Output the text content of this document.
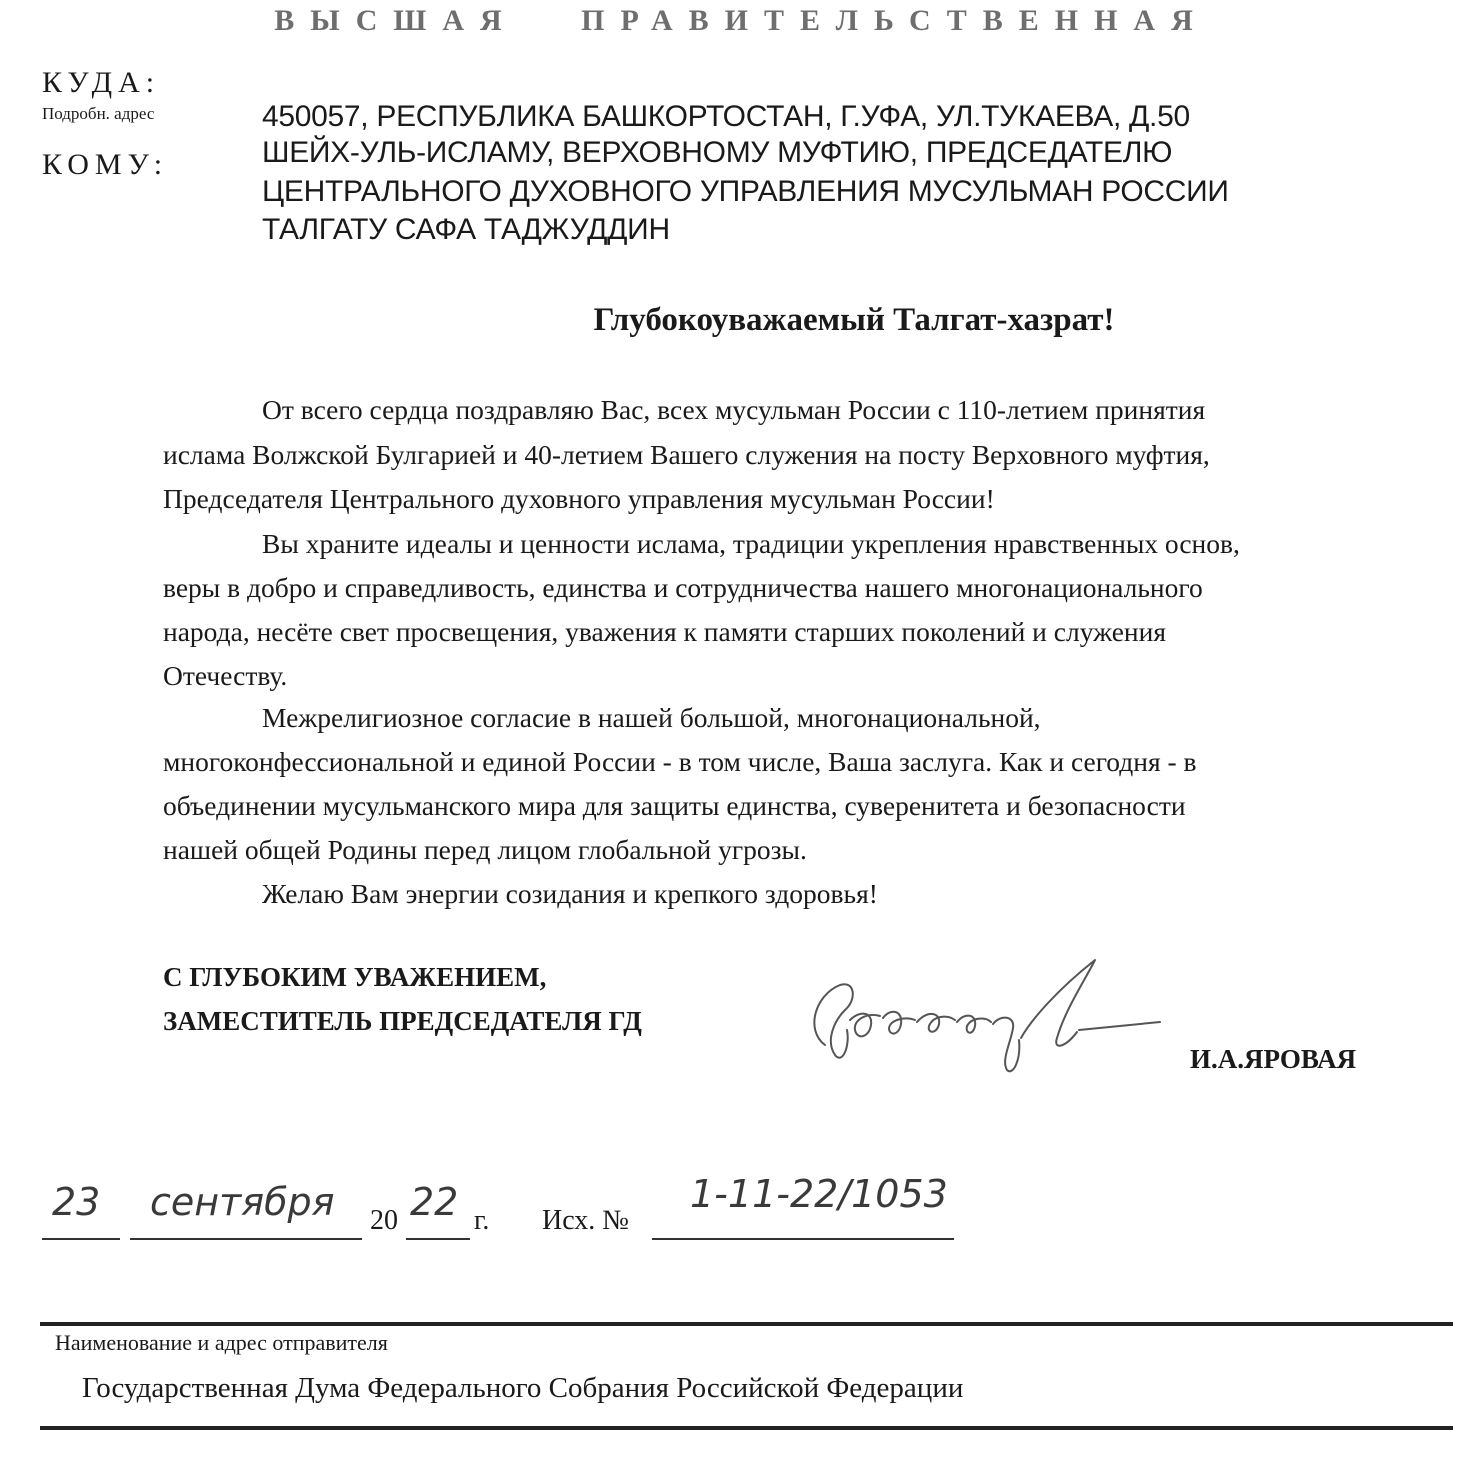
ВЫСШАЯ ПРАВИТЕЛЬСТВЕННАЯ
КУДА:
Подробн. адрес
КОМУ:
450057, РЕСПУБЛИКА БАШКОРТОСТАН, Г.УФА, УЛ.ТУКАЕВА, Д.50
ШЕЙХ-УЛЬ-ИСЛАМУ, ВЕРХОВНОМУ МУФТИЮ, ПРЕДСЕДАТЕЛЮ
ЦЕНТРАЛЬНОГО ДУХОВНОГО УПРАВЛЕНИЯ МУСУЛЬМАН РОССИИ
ТАЛГАТУ САФА ТАДЖУДДИН
Глубокоуважаемый Талгат-хазрат!
От всего сердца поздравляю Вас, всех мусульман России с 110-летием принятия
ислама Волжской Булгарией и 40-летием Вашего служения на посту Верховного муфтия,
Председателя Центрального духовного управления мусульман России!
Вы храните идеалы и ценности ислама, традиции укрепления нравственных основ,
веры в добро и справедливость, единства и сотрудничества нашего многонационального
народа, несёте свет просвещения, уважения к памяти старших поколений и служения
Отечеству.
Межрелигиозное согласие в нашей большой, многонациональной,
многоконфессиональной и единой России - в том числе, Ваша заслуга. Как и сегодня - в
объединении мусульманского мира для защиты единства, суверенитета и безопасности
нашей общей Родины перед лицом глобальной угрозы.
Желаю Вам энергии созидания и крепкого здоровья!
С ГЛУБОКИМ УВАЖЕНИЕМ,
ЗАМЕСТИТЕЛЬ ПРЕДСЕДАТЕЛЯ ГД
И.А.ЯРОВАЯ
23 сентября 20 22 г. Исх. №
1-11-22/1053
Наименование и адрес отправителя
Государственная Дума Федерального Собрания Российской Федерации
